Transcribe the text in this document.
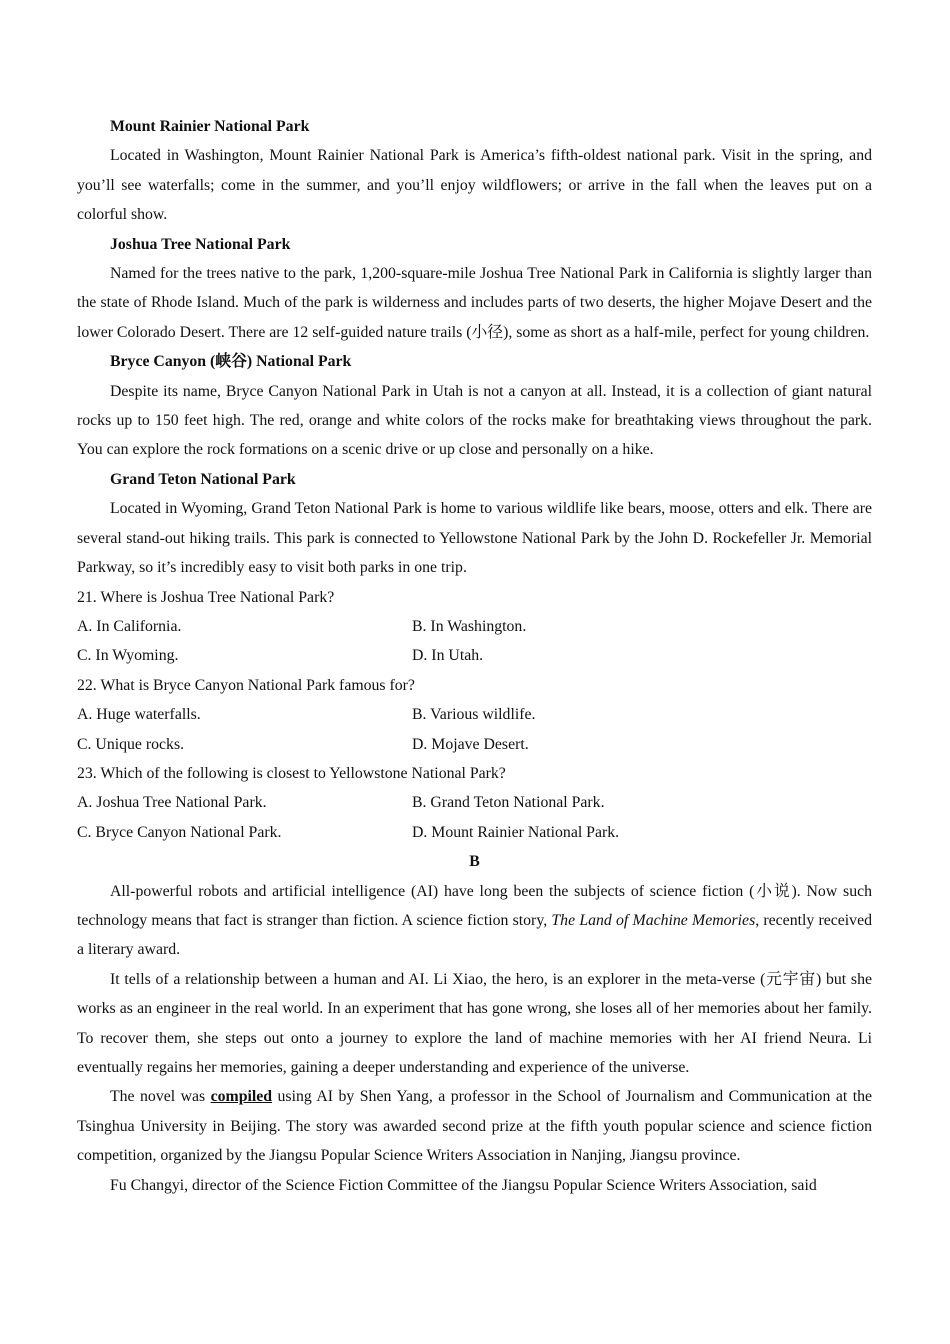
Mount Rainier National Park

Located in Washington, Mount Rainier National Park is America’s fifth-oldest national park. Visit in the spring, and you’ll see waterfalls; come in the summer, and you’ll enjoy wildflowers; or arrive in the fall when the leaves put on a colorful show.

Joshua Tree National Park

Named for the trees native to the park, 1,200-square-mile Joshua Tree National Park in California is slightly larger than the state of Rhode Island. Much of the park is wilderness and includes parts of two deserts, the higher Mojave Desert and the lower Colorado Desert. There are 12 self-guided nature trails (小径), some as short as a half-mile, perfect for young children.

Bryce Canyon (峡谷) National Park

Despite its name, Bryce Canyon National Park in Utah is not a canyon at all. Instead, it is a collection of giant natural rocks up to 150 feet high. The red, orange and white colors of the rocks make for breathtaking views throughout the park. You can explore the rock formations on a scenic drive or up close and personally on a hike.

Grand Teton National Park

Located in Wyoming, Grand Teton National Park is home to various wildlife like bears, moose, otters and elk. There are several stand-out hiking trails. This park is connected to Yellowstone National Park by the John D. Rockefeller Jr. Memorial Parkway, so it’s incredibly easy to visit both parks in one trip.

21. Where is Joshua Tree National Park?

A. In California.	B. In Washington.
C. In Wyoming.	D. In Utah.

22. What is Bryce Canyon National Park famous for?

A. Huge waterfalls.	B. Various wildlife.
C. Unique rocks.	D. Mojave Desert.

23. Which of the following is closest to Yellowstone National Park?

A. Joshua Tree National Park.	B. Grand Teton National Park.
C. Bryce Canyon National Park.	D. Mount Rainier National Park.

B

All-powerful robots and artificial intelligence (AI) have long been the subjects of science fiction (小说). Now such technology means that fact is stranger than fiction. A science fiction story, The Land of Machine Memories, recently received a literary award.

It tells of a relationship between a human and AI. Li Xiao, the hero, is an explorer in the meta-verse (元宇宙) but she works as an engineer in the real world. In an experiment that has gone wrong, she loses all of her memories about her family. To recover them, she steps out onto a journey to explore the land of machine memories with her AI friend Neura. Li eventually regains her memories, gaining a deeper understanding and experience of the universe.

The novel was compiled using AI by Shen Yang, a professor in the School of Journalism and Communication at the Tsinghua University in Beijing. The story was awarded second prize at the fifth youth popular science and science fiction competition, organized by the Jiangsu Popular Science Writers Association in Nanjing, Jiangsu province.

Fu Changyi, director of the Science Fiction Committee of the Jiangsu Popular Science Writers Association, said
